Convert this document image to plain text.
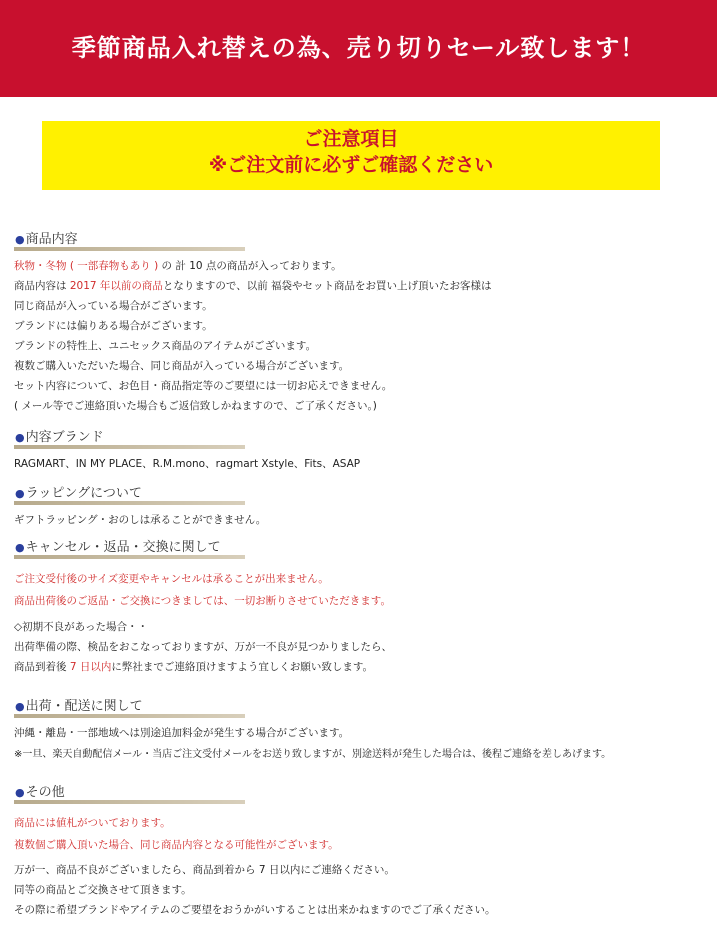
季節商品入れ替えの為、売り切りセール致します！
ご注意項目
※ご注文前に必ずご確認ください
●商品内容
秋物・冬物 ( 一部春物もあり ) の 計 10 点の商品が入っております。
商品内容は 2017 年以前の商品となりますので、以前 福袋やセット商品をお買い上げ頂いたお客様は
同じ商品が入っている場合がございます。
ブランドには偏りある場合がございます。
ブランドの特性上、ユニセックス商品のアイテムがございます。
複数ご購入いただいた場合、同じ商品が入っている場合がございます。
セット内容について、お色目・商品指定等のご要望には一切お応えできません。
( メール等でご連絡頂いた場合もご返信致しかねますので、ご了承ください。)
●内容ブランド
RAGMART、IN MY PLACE、R.M.mono、ragmart Xstyle、Fits、ASAP
●ラッピングについて
ギフトラッピング・おのしは承ることができません。
●キャンセル・返品・交換に関して
ご注文受付後のサイズ変更やキャンセルは承ることが出来ません。
商品出荷後のご返品・ご交換につきましては、一切お断りさせていただきます。
◇初期不良があった場合・・
出荷準備の際、検品をおこなっておりますが、万が一不良が見つかりましたら、
商品到着後 7 日以内に弊社までご連絡頂けますよう宜しくお願い致します。
●出荷・配送に関して
沖縄・離島・一部地域へは別途追加料金が発生する場合がございます。
※一旦、楽天自動配信メール・当店ご注文受付メールをお送り致しますが、別途送料が発生した場合は、後程ご連絡を差しあげます。
●その他
商品には値札がついております。
複数個ご購入頂いた場合、同じ商品内容となる可能性がございます。
万が一、商品不良がございましたら、商品到着から 7 日以内にご連絡ください。
同等の商品とご交換させて頂きます。
その際に希望ブランドやアイテムのご要望をおうかがいすることは出来かねますのでご了承ください。
